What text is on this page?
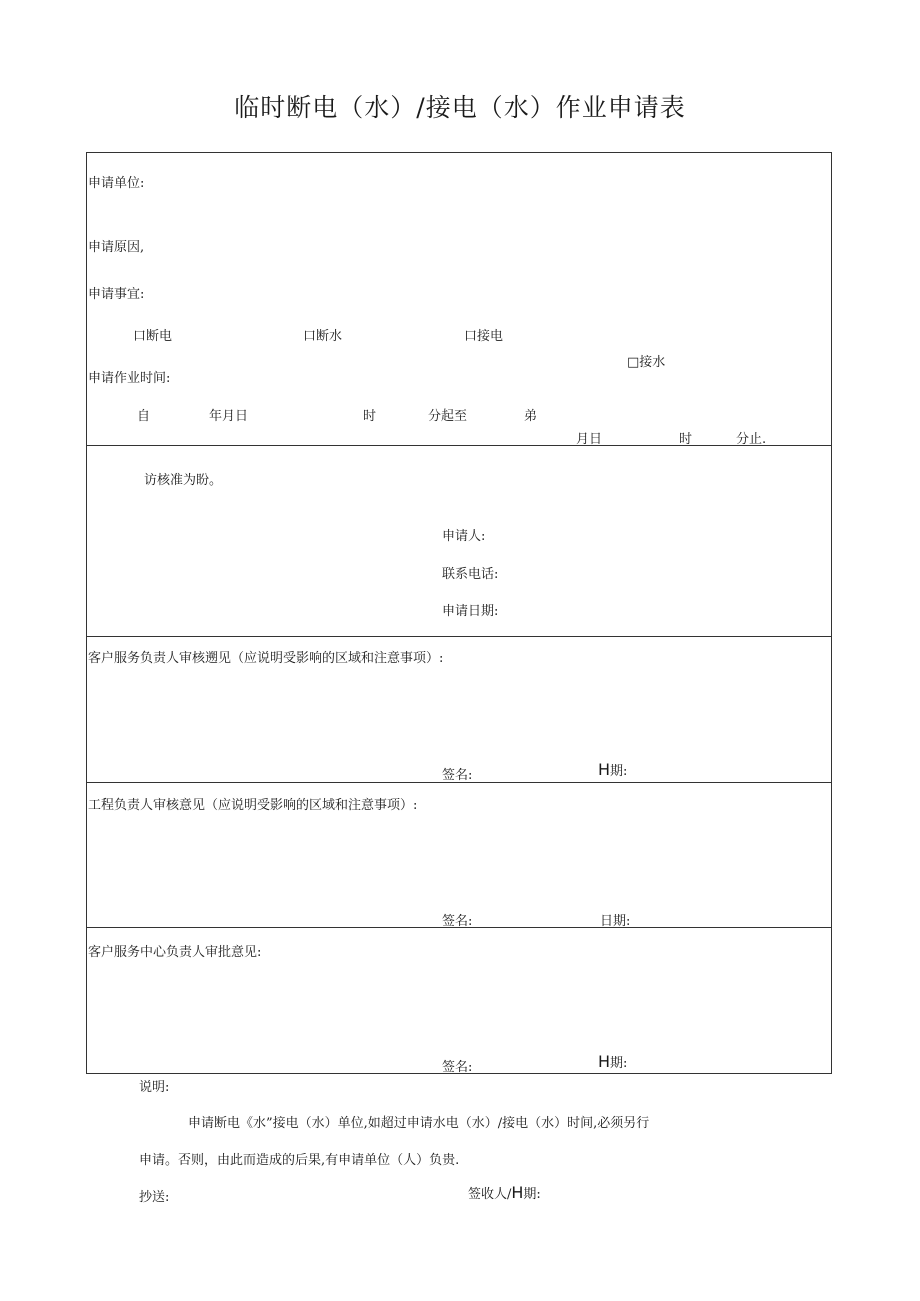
临时断电（水）/接电（水）作业申请表
申请单位:
申请原因,
申请事宜:
口断电	口断水	口接电
□接水
申请作业时间:
自	年月日	时	分起至	弟
月日	时	分止.
访核准为盼。
申请人:
联系电话:
申请日期:
客户服务负责人审核遡见（应说明受影响的区域和注意事项）:
签名:	H期:
工程负责人审核意见（应说明受影响的区域和注意事项）:
签名:	日期:
客户服务中心负责人审批意见:
签名:	H期:
说明:
申请断电《水”接电（水）单位,如超过申请水电（水）/接电（水）时间,必须另行
申请。否则，由此而造成的后果,有申请单位（人）负贵.
抄送:	签收人/H期:
